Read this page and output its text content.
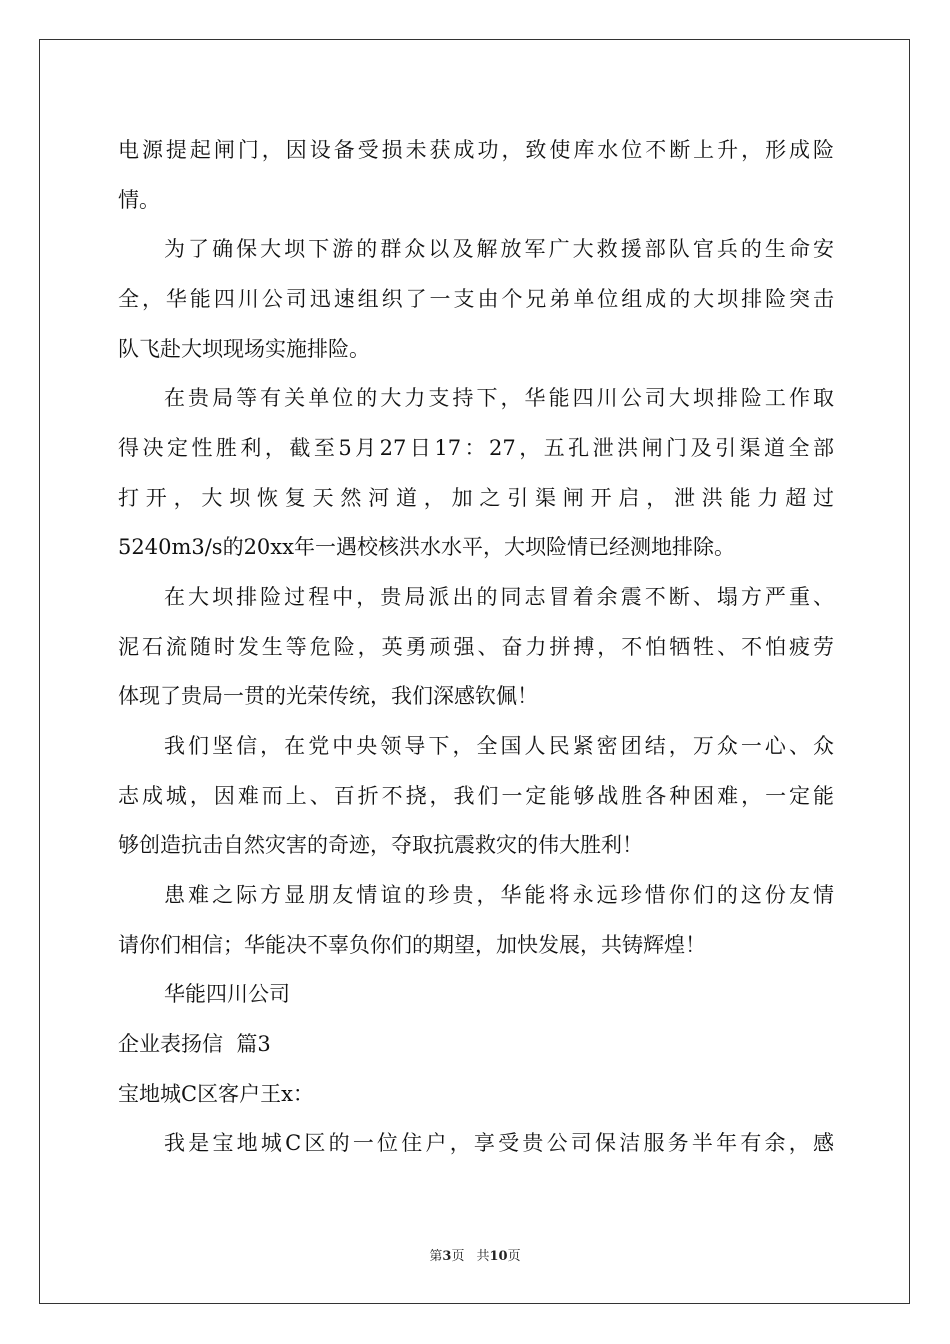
电源提起闸门，因设备受损未获成功，致使库水位不断上升，形成险
情。
为了确保大坝下游的群众以及解放军广大救援部队官兵的生命安
全，华能四川公司迅速组织了一支由个兄弟单位组成的大坝排险突击
队飞赴大坝现场实施排险。
在贵局等有关单位的大力支持下，华能四川公司大坝排险工作取
得决定性胜利，截至5月27日17：27，五孔泄洪闸门及引渠道全部
打开，大坝恢复天然河道，加之引渠闸开启，泄洪能力超过
5240m3/s的20xx年一遇校核洪水水平，大坝险情已经测地排除。
在大坝排险过程中，贵局派出的同志冒着余震不断、塌方严重、
泥石流随时发生等危险，英勇顽强、奋力拼搏，不怕牺牲、不怕疲劳
体现了贵局一贯的光荣传统，我们深感钦佩！
我们坚信，在党中央领导下，全国人民紧密团结，万众一心、众
志成城，因难而上、百折不挠，我们一定能够战胜各种困难，一定能
够创造抗击自然灾害的奇迹，夺取抗震救灾的伟大胜利！
患难之际方显朋友情谊的珍贵，华能将永远珍惜你们的这份友情
请你们相信；华能决不辜负你们的期望，加快发展，共铸辉煌！
华能四川公司
企业表扬信  篇3
宝地城C区客户王x：
我是宝地城C区的一位住户，享受贵公司保洁服务半年有余，感
第3页 共10页
